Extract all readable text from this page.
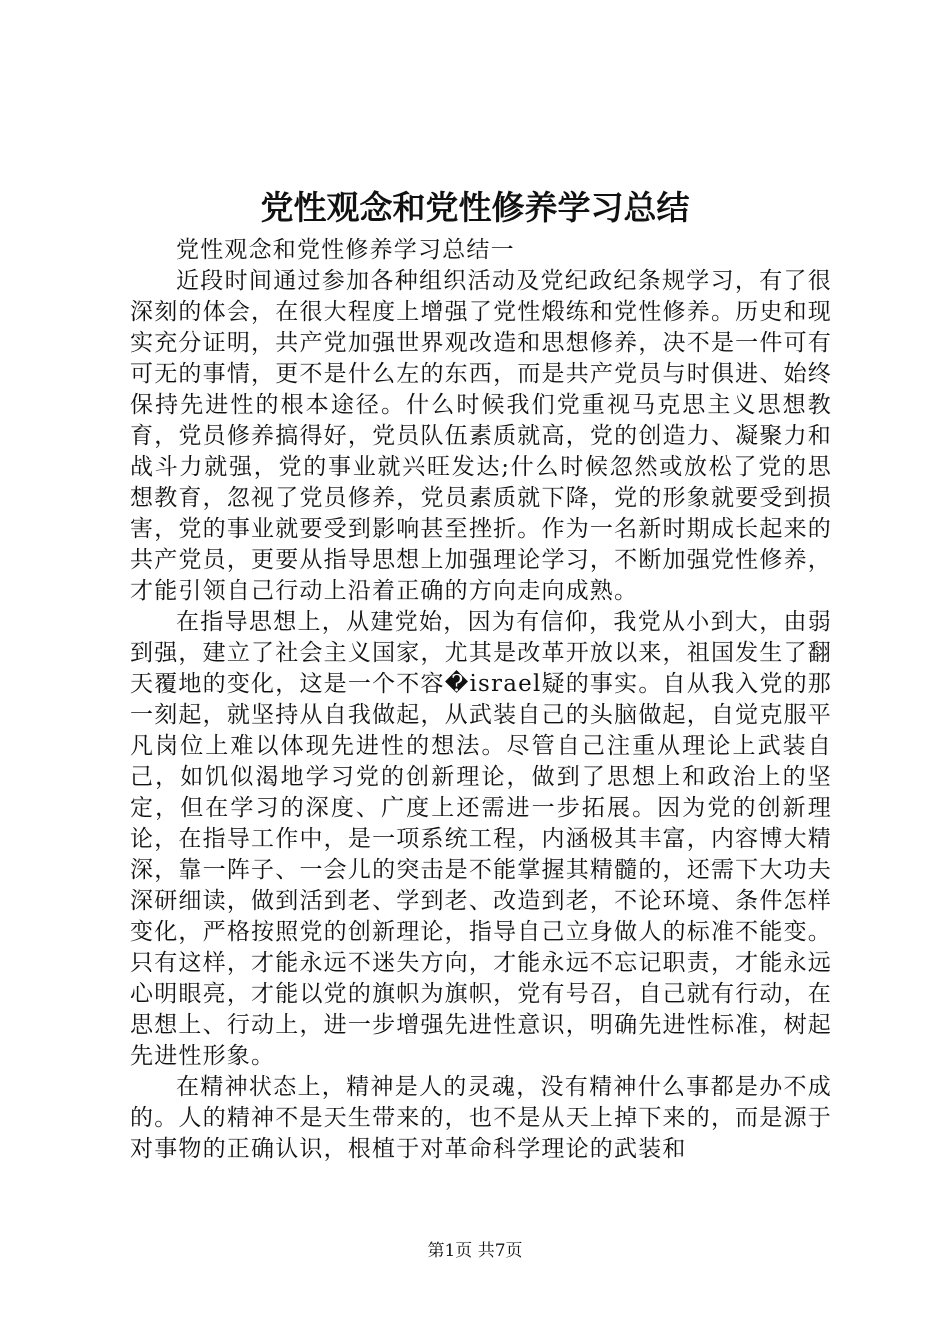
党性观念和党性修养学习总结

党性观念和党性修养学习总结一

近段时间通过参加各种组织活动及党纪政纪条规学习，有了很深刻的体会，在很大程度上增强了党性煅练和党性修养。历史和现实充分证明，共产党加强世界观改造和思想修养，决不是一件可有可无的事情，更不是什么左的东西，而是共产党员与时俱进、始终保持先进性的根本途径。什么时候我们党重视马克思主义思想教育，党员修养搞得好，党员队伍素质就高，党的创造力、凝聚力和战斗力就强，党的事业就兴旺发达;什么时候忽然或放松了党的思想教育，忽视了党员修养，党员素质就下降，党的形象就要受到损害，党的事业就要受到影响甚至挫折。作为一名新时期成长起来的共产党员，更要从指导思想上加强理论学习，不断加强党性修养，才能引领自己行动上沿着正确的方向走向成熟。

在指导思想上，从建党始，因为有信仰，我党从小到大，由弱到强，建立了社会主义国家，尤其是改革开放以来，祖国发生了翻天覆地的变化，这是一个不容�israel疑的事实。自从我入党的那一刻起，就坚持从自我做起，从武装自己的头脑做起，自觉克服平凡岗位上难以体现先进性的想法。尽管自己注重从理论上武装自己，如饥似渴地学习党的创新理论，做到了思想上和政治上的坚定，但在学习的深度、广度上还需进一步拓展。因为党的创新理论，在指导工作中，是一项系统工程，内涵极其丰富，内容博大精深，靠一阵子、一会儿的突击是不能掌握其精髓的，还需下大功夫深研细读，做到活到老、学到老、改造到老，不论环境、条件怎样变化，严格按照党的创新理论，指导自己立身做人的标准不能变。只有这样，才能永远不迷失方向，才能永远不忘记职责，才能永远心明眼亮，才能以党的旗帜为旗帜，党有号召，自己就有行动，在思想上、行动上，进一步增强先进性意识，明确先进性标准，树起先进性形象。

在精神状态上，精神是人的灵魂，没有精神什么事都是办不成的。人的精神不是天生带来的，也不是从天上掉下来的，而是源于对事物的正确认识，根植于对革命科学理论的武装和

第1页 共7页
